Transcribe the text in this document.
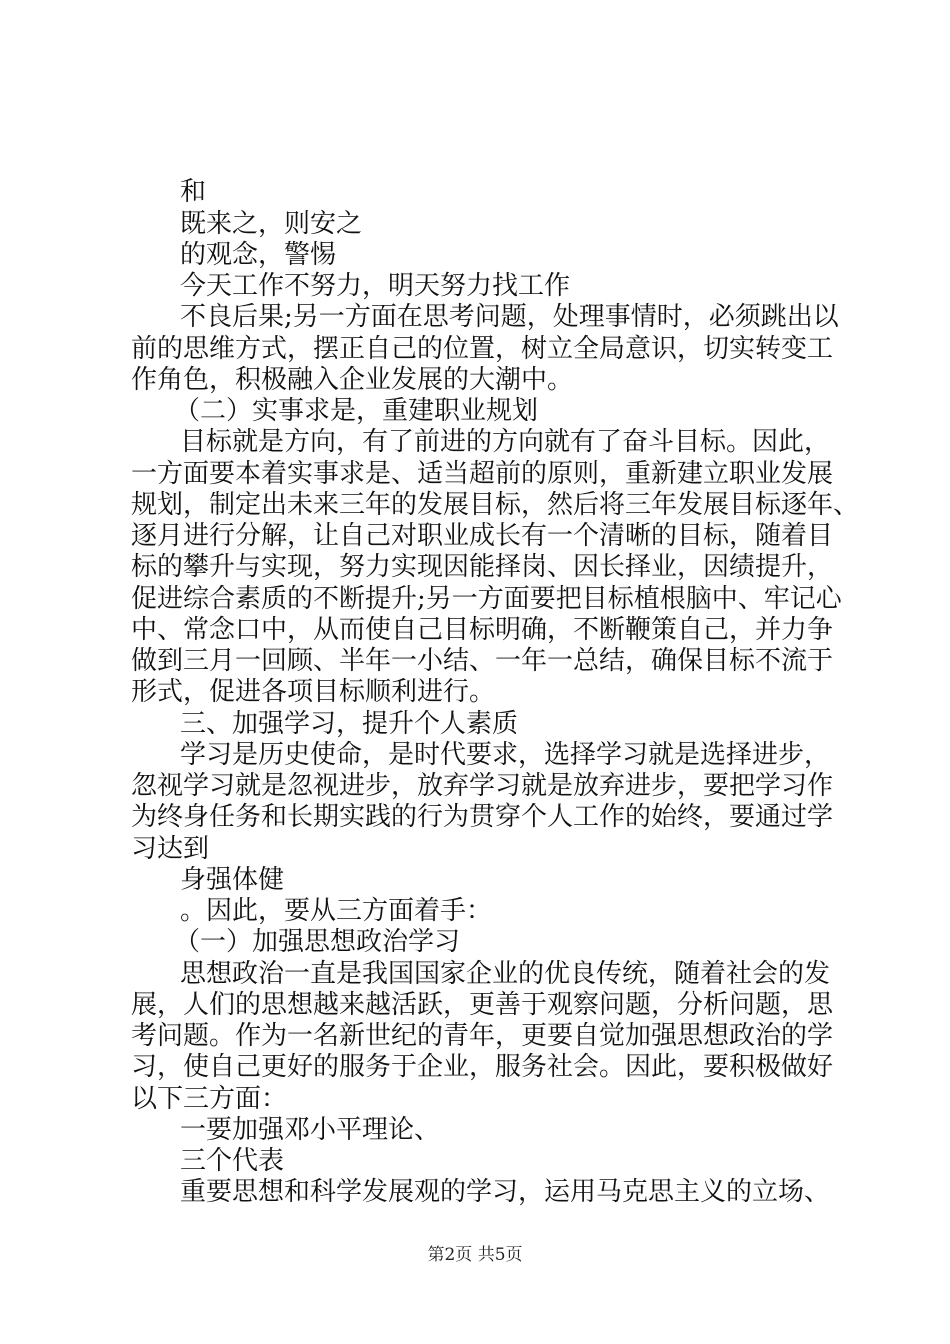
和
既来之，则安之
的观念，警惕
今天工作不努力，明天努力找工作
不良后果;另一方面在思考问题，处理事情时，必须跳出以
前的思维方式，摆正自己的位置，树立全局意识，切实转变工
作角色，积极融入企业发展的大潮中。
（二）实事求是，重建职业规划
目标就是方向，有了前进的方向就有了奋斗目标。因此，
一方面要本着实事求是、适当超前的原则，重新建立职业发展
规划，制定出未来三年的发展目标，然后将三年发展目标逐年、
逐月进行分解，让自己对职业成长有一个清晰的目标，随着目
标的攀升与实现，努力实现因能择岗、因长择业，因绩提升，
促进综合素质的不断提升;另一方面要把目标植根脑中、牢记心
中、常念口中，从而使自己目标明确，不断鞭策自己，并力争
做到三月一回顾、半年一小结、一年一总结，确保目标不流于
形式，促进各项目标顺利进行。
三、加强学习，提升个人素质
学习是历史使命，是时代要求，选择学习就是选择进步，
忽视学习就是忽视进步，放弃学习就是放弃进步，要把学习作
为终身任务和长期实践的行为贯穿个人工作的始终，要通过学
习达到
身强体健
。因此，要从三方面着手：
（一）加强思想政治学习
思想政治一直是我国国家企业的优良传统，随着社会的发
展，人们的思想越来越活跃，更善于观察问题，分析问题，思
考问题。作为一名新世纪的青年，更要自觉加强思想政治的学
习，使自己更好的服务于企业，服务社会。因此，要积极做好
以下三方面：
一要加强邓小平理论、
三个代表
重要思想和科学发展观的学习，运用马克思主义的立场、
第2页 共5页
